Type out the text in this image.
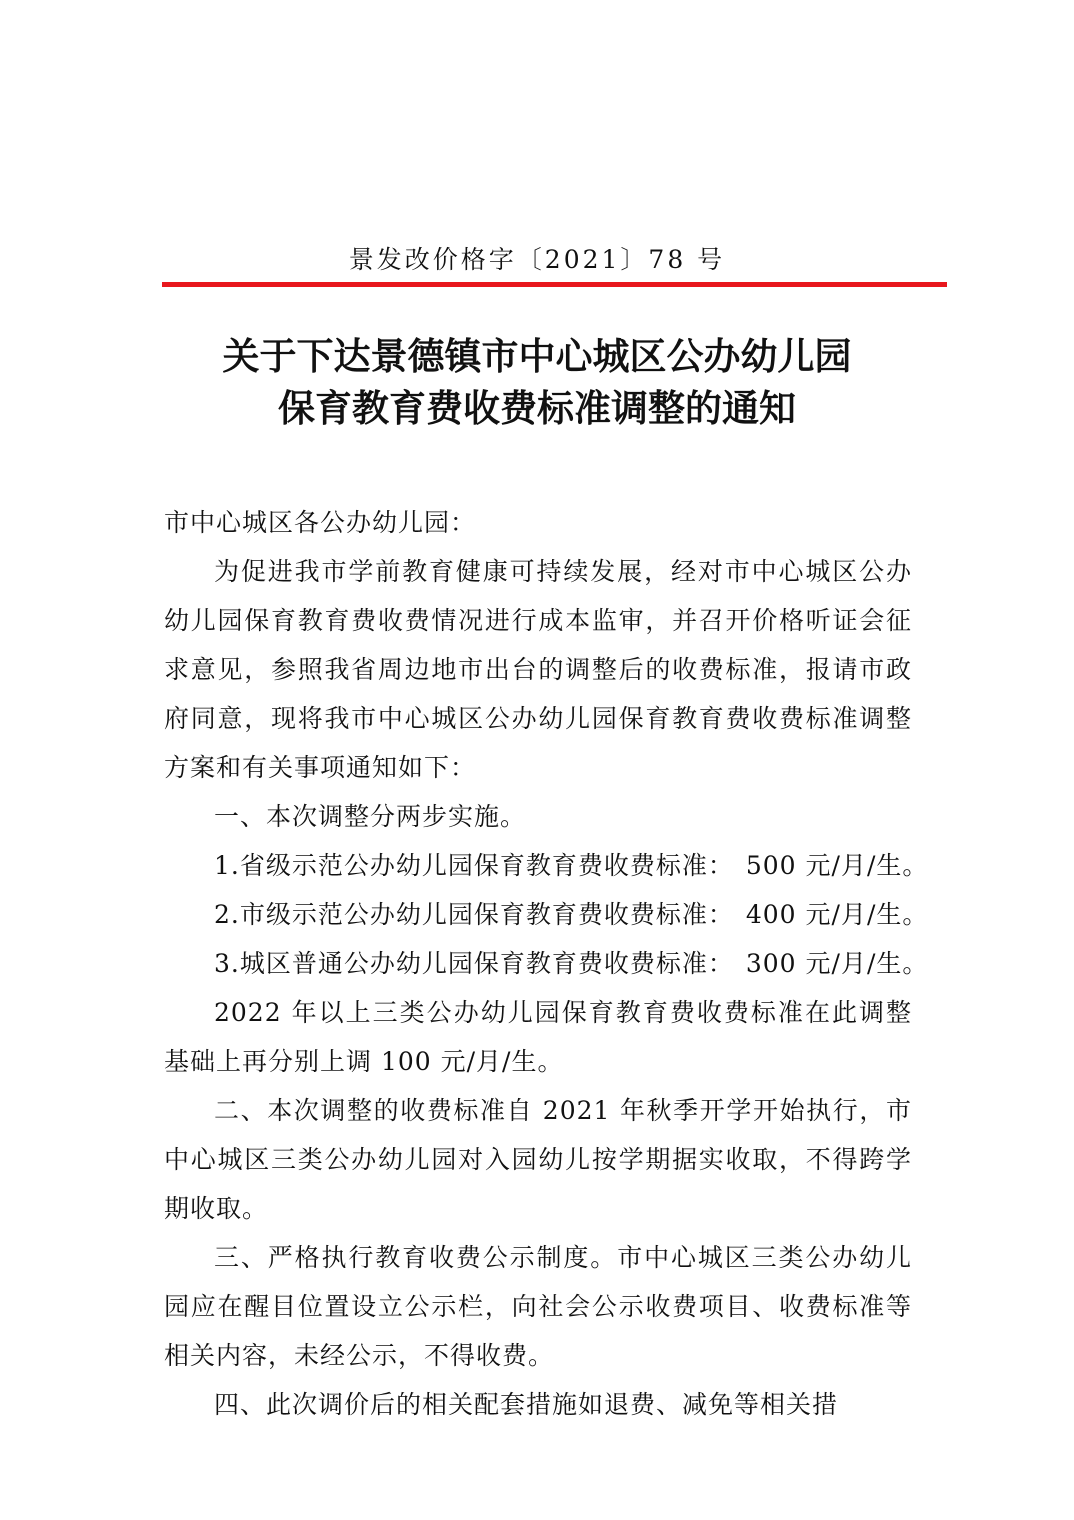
景发改价格字〔2021〕78 号
关于下达景德镇市中心城区公办幼儿园
保育教育费收费标准调整的通知

市中心城区各公办幼儿园：

为促进我市学前教育健康可持续发展，经对市中心城区公办幼儿园保育教育费收费情况进行成本监审，并召开价格听证会征求意见，参照我省周边地市出台的调整后的收费标准，报请市政府同意，现将我市中心城区公办幼儿园保育教育费收费标准调整方案和有关事项通知如下：

一、本次调整分两步实施。

1.省级示范公办幼儿园保育教育费收费标准： 500 元/月/生。

2.市级示范公办幼儿园保育教育费收费标准： 400 元/月/生。

3.城区普通公办幼儿园保育教育费收费标准： 300 元/月/生。

2022 年以上三类公办幼儿园保育教育费收费标准在此调整基础上再分别上调 100 元/月/生。

二、本次调整的收费标准自 2021 年秋季开学开始执行，市中心城区三类公办幼儿园对入园幼儿按学期据实收取，不得跨学期收取。

三、严格执行教育收费公示制度。市中心城区三类公办幼儿园应在醒目位置设立公示栏，向社会公示收费项目、收费标准等相关内容，未经公示，不得收费。

四、此次调价后的相关配套措施如退费、减免等相关措
